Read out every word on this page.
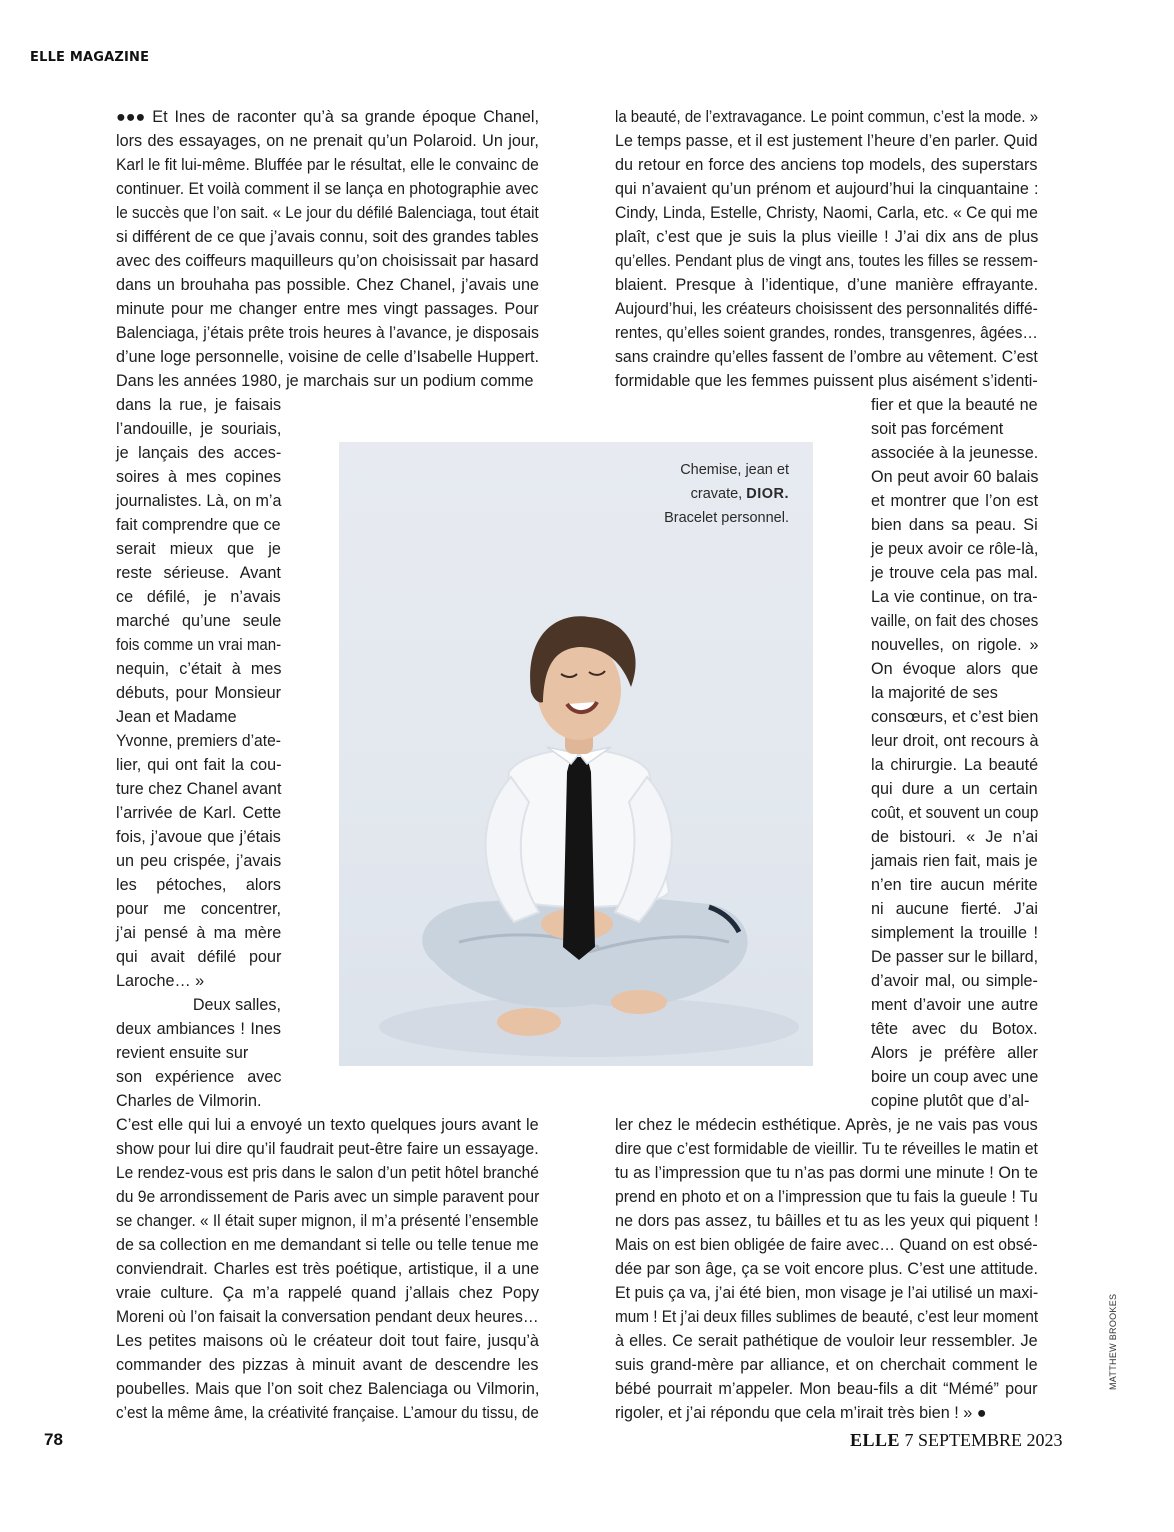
ELLE MAGAZINE
●●● Et Ines de raconter qu’à sa grande époque Chanel,
lors des essayages, on ne prenait qu’un Polaroid. Un jour,
Karl le fit lui-même. Bluffée par le résultat, elle le convainc de
continuer. Et voilà comment il se lança en photographie avec
le succès que l’on sait. « Le jour du défilé Balenciaga, tout était
si différent de ce que j’avais connu, soit des grandes tables
avec des coiffeurs maquilleurs qu’on choisissait par hasard
dans un brouhaha pas possible. Chez Chanel, j’avais une
minute pour me changer entre mes vingt passages. Pour
Balenciaga, j’étais prête trois heures à l’avance, je disposais
d’une loge personnelle, voisine de celle d’Isabelle Huppert.
Dans les années 1980, je marchais sur un podium comme
dans la rue, je faisais
l’andouille, je souriais,
je lançais des acces-
soires à mes copines
journalistes. Là, on m’a
fait comprendre que ce
serait mieux que je
reste sérieuse. Avant
ce défilé, je n’avais
marché qu’une seule
fois comme un vrai man-
nequin, c’était à mes
débuts, pour Monsieur
Jean et Madame
Yvonne, premiers d’ate-
lier, qui ont fait la cou-
ture chez Chanel avant
l’arrivée de Karl. Cette
fois, j’avoue que j’étais
un peu crispée, j’avais
les pétoches, alors
pour me concentrer,
j’ai pensé à ma mère
qui avait défilé pour
Laroche… »
Deux salles,
deux ambiances ! Ines
revient ensuite sur
son expérience avec
Charles de Vilmorin.
C’est elle qui lui a envoyé un texto quelques jours avant le
show pour lui dire qu’il faudrait peut-être faire un essayage.
Le rendez-vous est pris dans le salon d’un petit hôtel branché
du 9e arrondissement de Paris avec un simple paravent pour
se changer. « Il était super mignon, il m’a présenté l’ensemble
de sa collection en me demandant si telle ou telle tenue me
conviendrait. Charles est très poétique, artistique, il a une
vraie culture. Ça m’a rappelé quand j’allais chez Popy
Moreni où l’on faisait la conversation pendant deux heures…
Les petites maisons où le créateur doit tout faire, jusqu’à
commander des pizzas à minuit avant de descendre les
poubelles. Mais que l’on soit chez Balenciaga ou Vilmorin,
c’est la même âme, la créativité française. L’amour du tissu, de
la beauté, de l’extravagance. Le point commun, c’est la mode. »
Le temps passe, et il est justement l’heure d’en parler. Quid
du retour en force des anciens top models, des superstars
qui n’avaient qu’un prénom et aujourd’hui la cinquantaine :
Cindy, Linda, Estelle, Christy, Naomi, Carla, etc. « Ce qui me
plaît, c’est que je suis la plus vieille ! J’ai dix ans de plus
qu’elles. Pendant plus de vingt ans, toutes les filles se ressem-
blaient. Presque à l’identique, d’une manière effrayante.
Aujourd’hui, les créateurs choisissent des personnalités diffé-
rentes, qu’elles soient grandes, rondes, transgenres, âgées…
sans craindre qu’elles fassent de l’ombre au vêtement. C’est
formidable que les femmes puissent plus aisément s’identi-
fier et que la beauté ne
soit pas forcément
associée à la jeunesse.
On peut avoir 60 balais
et montrer que l’on est
bien dans sa peau. Si
je peux avoir ce rôle-là,
je trouve cela pas mal.
La vie continue, on tra-
vaille, on fait des choses
nouvelles, on rigole. »
On évoque alors que
la majorité de ses
consœurs, et c’est bien
leur droit, ont recours à
la chirurgie. La beauté
qui dure a un certain
coût, et souvent un coup
de bistouri. « Je n’ai
jamais rien fait, mais je
n’en tire aucun mérite
ni aucune fierté. J’ai
simplement la trouille !
De passer sur le billard,
d’avoir mal, ou simple-
ment d’avoir une autre
tête avec du Botox.
Alors je préfère aller
boire un coup avec une
copine plutôt que d’al-
ler chez le médecin esthétique. Après, je ne vais pas vous
dire que c’est formidable de vieillir. Tu te réveilles le matin et
tu as l’impression que tu n’as pas dormi une minute ! On te
prend en photo et on a l’impression que tu fais la gueule ! Tu
ne dors pas assez, tu bâilles et tu as les yeux qui piquent !
Mais on est bien obligée de faire avec… Quand on est obsé-
dée par son âge, ça se voit encore plus. C’est une attitude.
Et puis ça va, j’ai été bien, mon visage je l’ai utilisé un maxi-
mum ! Et j’ai deux filles sublimes de beauté, c’est leur moment
à elles. Ce serait pathétique de vouloir leur ressembler. Je
suis grand-mère par alliance, et on cherchait comment le
bébé pourrait m’appeler. Mon beau-fils a dit “Mémé” pour
rigoler, et j’ai répondu que cela m’irait très bien ! » ●
Chemise, jean et
cravate, DIOR.
Bracelet personnel.
78	ELLE 7 SEPTEMBRE 2023
MATTHEW BROOKES
